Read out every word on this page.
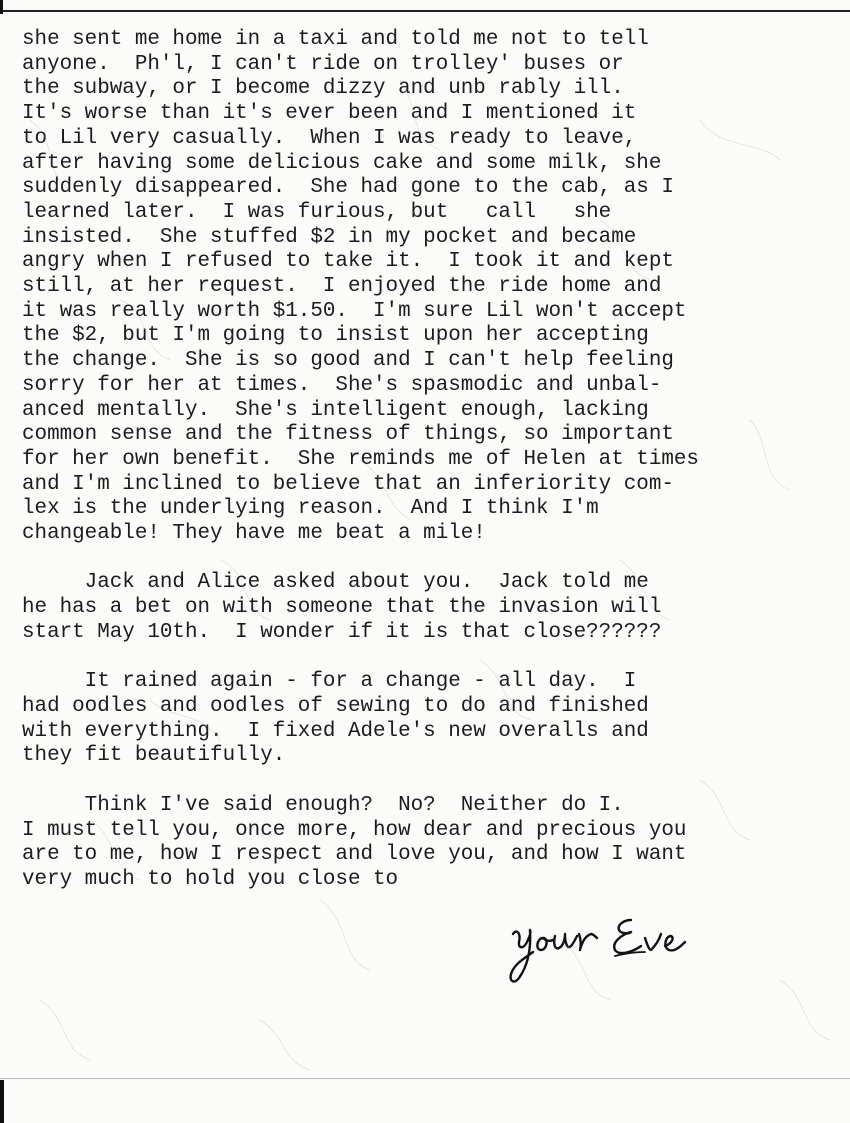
she sent me home in a taxi and told me not to tell
anyone.  Ph'l, I can't ride on trolley' buses or
the subway, or I become dizzy and unb rably ill.
It's worse than it's ever been and I mentioned it
to Lil very casually.  When I was ready to leave,
after having some delicious cake and some milk, she
suddenly disappeared.  She had gone to the cab, as I
learned later.  I was furious, but   call   she
insisted.  She stuffed $2 in my pocket and became
angry when I refused to take it.  I took it and kept
still, at her request.  I enjoyed the ride home and
it was really worth $1.50.  I'm sure Lil won't accept
the $2, but I'm going to insist upon her accepting
the change.  She is so good and I can't help feeling
sorry for her at times.  She's spasmodic and unbal-
anced mentally.  She's intelligent enough, lacking
common sense and the fitness of things, so important
for her own benefit.  She reminds me of Helen at times
and I'm inclined to believe that an inferiority com-
lex is the underlying reason.  And I think I'm
changeable! They have me beat a mile!

Jack and Alice asked about you.  Jack told me
he has a bet on with someone that the invasion will
start May 10th.  I wonder if it is that close??????

It rained again - for a change - all day.  I
had oodles and oodles of sewing to do and finished
with everything.  I fixed Adele's new overalls and
they fit beautifully.

Think I've said enough?  No?  Neither do I.
I must tell you, once more, how dear and precious you
are to me, how I respect and love you, and how I want
very much to hold you close to
